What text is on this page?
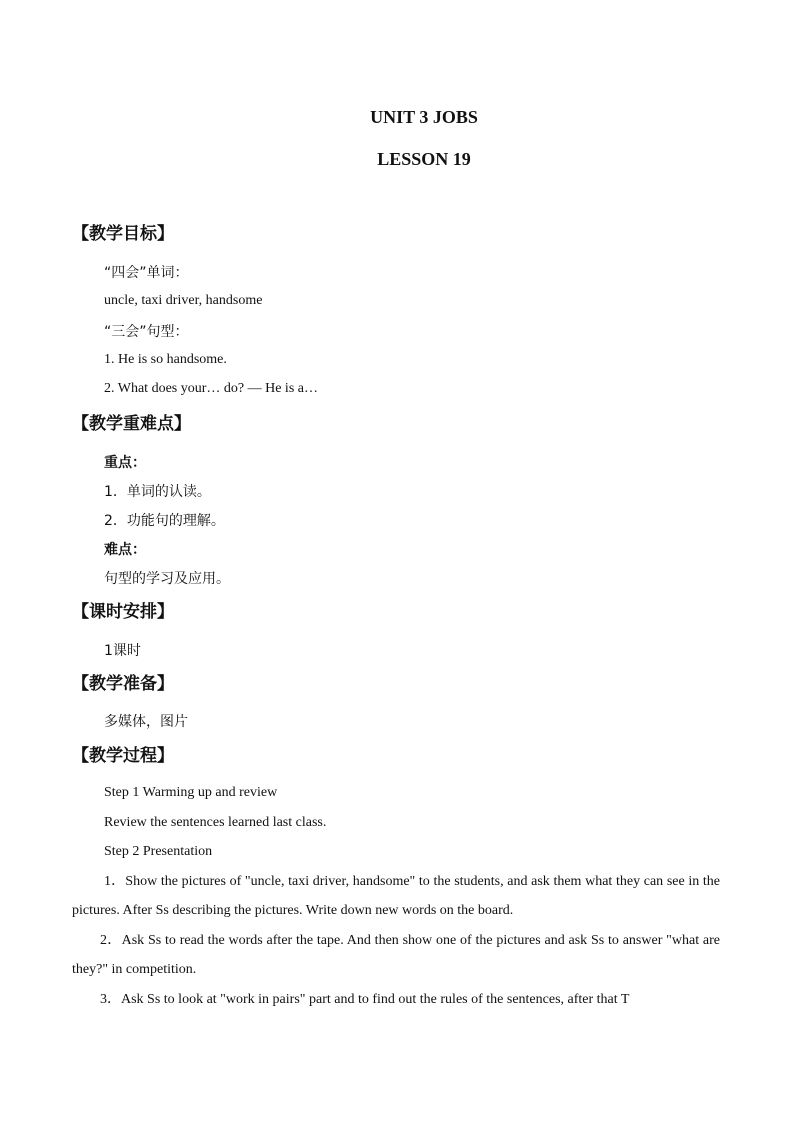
UNIT 3 JOBS
LESSON 19
【教学目标】
“四会”单词：
uncle, taxi driver, handsome
“三会”句型：
1. He is so handsome.
2. What does your… do? — He is a…
【教学重难点】
重点：
1．单词的认读。
2．功能句的理解。
难点：
句型的学习及应用。
【课时安排】
1课时
【教学准备】
多媒体，图片
【教学过程】
Step 1 Warming up and review
Review the sentences learned last class.
Step 2 Presentation
1．Show the pictures of "uncle, taxi driver, handsome" to the students, and ask them what they can see in the pictures. After Ss describing the pictures. Write down new words on the board.
2．Ask Ss to read the words after the tape. And then show one of the pictures and ask Ss to answer "what are they?" in competition.
3．Ask Ss to look at "work in pairs" part and to find out the rules of the sentences, after that T
